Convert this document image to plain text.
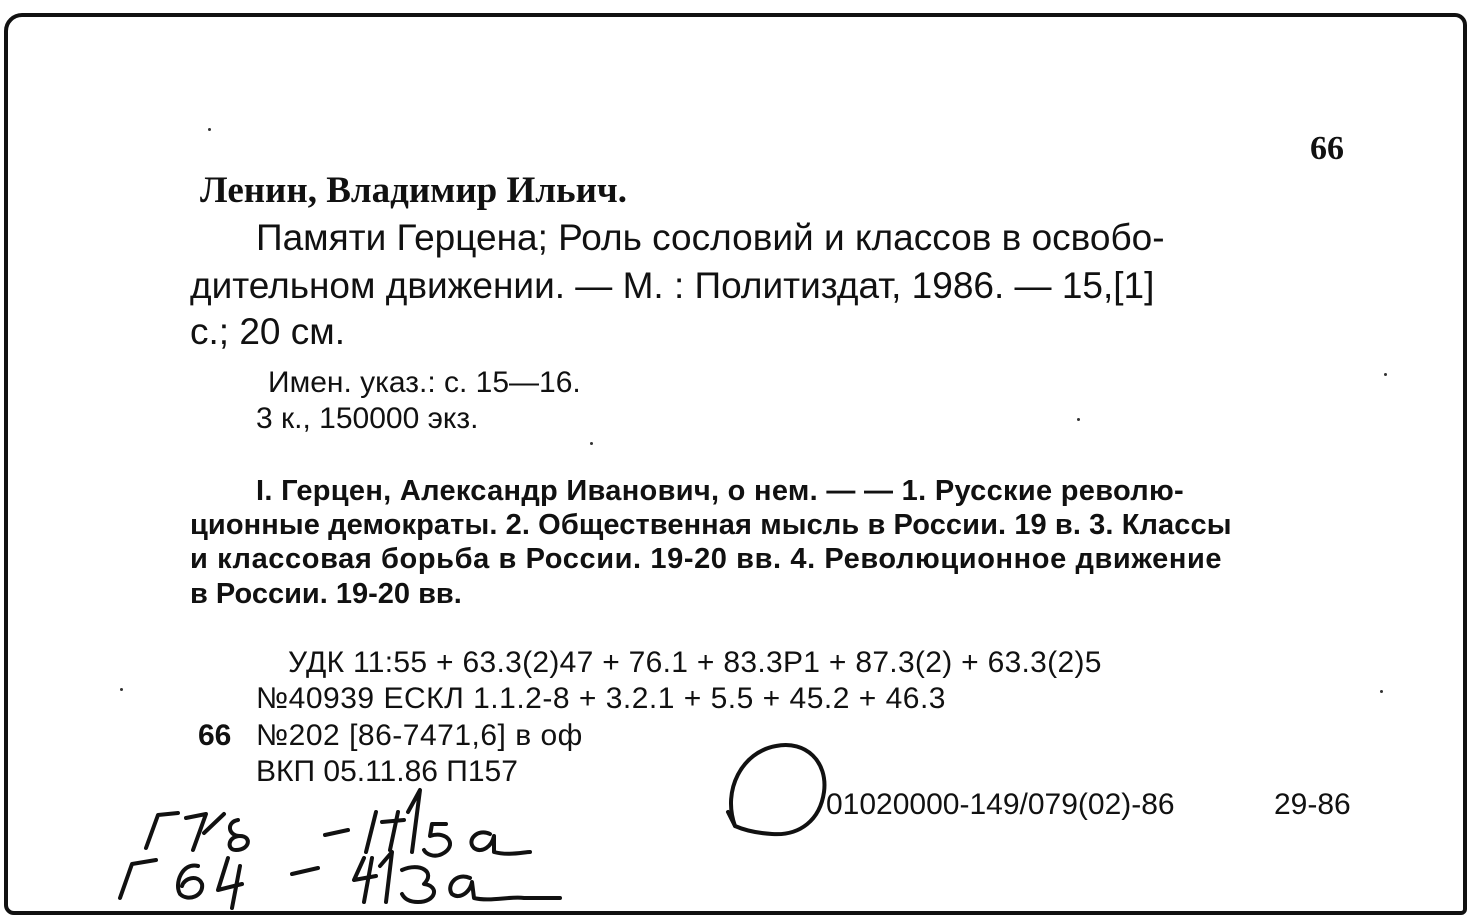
66
Ленин, Владимир Ильич.
Памяти Герцена; Роль сословий и классов в освобо-
дительном движении. — М. : Политиздат, 1986. — 15,[1]
с.; 20 см.
Имен. указ.: с. 15—16.
3 к., 150000 экз.
I. Герцен, Александр Иванович, о нем. — — 1. Русские револю-
ционные демократы. 2. Общественная мысль в России. 19 в. 3. Классы
и классовая борьба в России. 19-20 вв. 4. Революционное движение
в России. 19-20 вв.
УДК 11:55 + 63.3(2)47 + 76.1 + 83.3Р1 + 87.3(2) + 63.3(2)5
№40939 ЕСКЛ 1.1.2-8 + 3.2.1 + 5.5 + 45.2 + 46.3
66 №202 [86-7471,6] в оф
ВКП 05.11.86 П157
01020000-149/079(02)-86	29-86
